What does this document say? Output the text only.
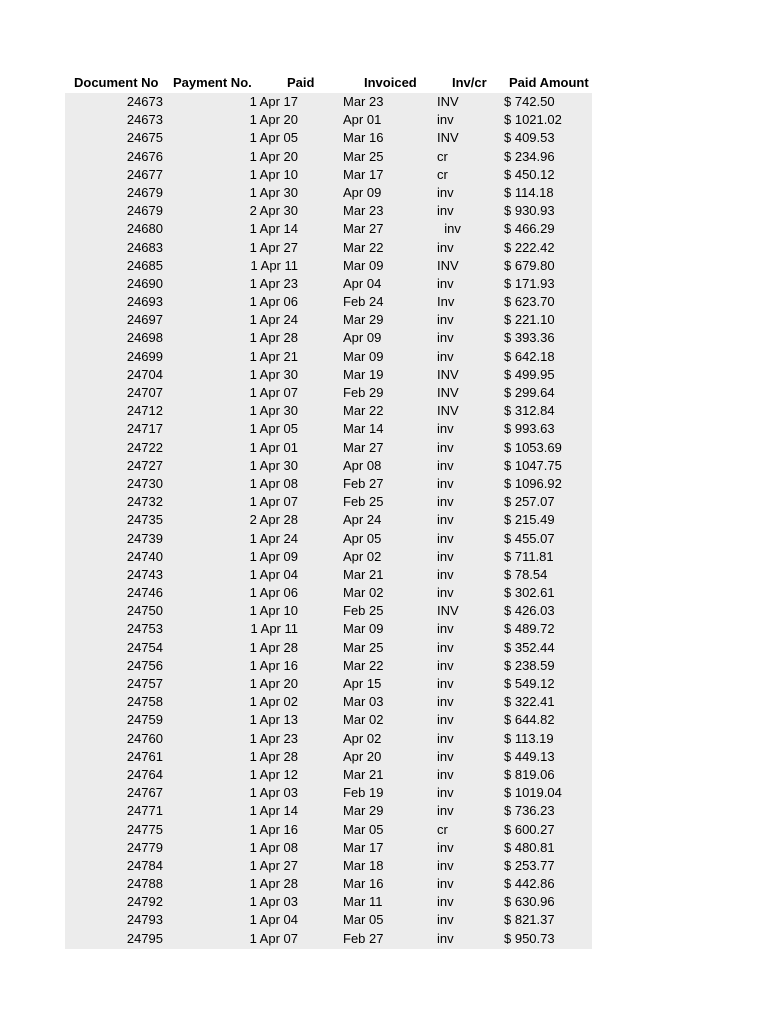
Document No Payment No.	Paid	Invoiced	Inv/cr Paid Amount
24673	1 Apr 17	Mar 23	INV	$ 742.50
24673	1 Apr 20	Apr 01	inv	$ 1021.02
24675	1 Apr 05	Mar 16	INV	$ 409.53
24676	1 Apr 20	Mar 25	cr	$ 234.96
24677	1 Apr 10	Mar 17	cr	$ 450.12
24679	1 Apr 30	Apr 09	inv	$ 114.18
24679	2 Apr 30	Mar 23	inv	$ 930.93
24680	1 Apr 14	Mar 27	inv	$ 466.29
24683	1 Apr 27	Mar 22	inv	$ 222.42
24685	1 Apr 11	Mar 09	INV	$ 679.80
24690	1 Apr 23	Apr 04	inv	$ 171.93
24693	1 Apr 06	Feb 24	Inv	$ 623.70
24697	1 Apr 24	Mar 29	inv	$ 221.10
24698	1 Apr 28	Apr 09	inv	$ 393.36
24699	1 Apr 21	Mar 09	inv	$ 642.18
24704	1 Apr 30	Mar 19	INV	$ 499.95
24707	1 Apr 07	Feb 29	INV	$ 299.64
24712	1 Apr 30	Mar 22	INV	$ 312.84
24717	1 Apr 05	Mar 14	inv	$ 993.63
24722	1 Apr 01	Mar 27	inv	$ 1053.69
24727	1 Apr 30	Apr 08	inv	$ 1047.75
24730	1 Apr 08	Feb 27	inv	$ 1096.92
24732	1 Apr 07	Feb 25	inv	$ 257.07
24735	2 Apr 28	Apr 24	inv	$ 215.49
24739	1 Apr 24	Apr 05	inv	$ 455.07
24740	1 Apr 09	Apr 02	inv	$ 711.81
24743	1 Apr 04	Mar 21	inv	$ 78.54
24746	1 Apr 06	Mar 02	inv	$ 302.61
24750	1 Apr 10	Feb 25	INV	$ 426.03
24753	1 Apr 11	Mar 09	inv	$ 489.72
24754	1 Apr 28	Mar 25	inv	$ 352.44
24756	1 Apr 16	Mar 22	inv	$ 238.59
24757	1 Apr 20	Apr 15	inv	$ 549.12
24758	1 Apr 02	Mar 03	inv	$ 322.41
24759	1 Apr 13	Mar 02	inv	$ 644.82
24760	1 Apr 23	Apr 02	inv	$ 113.19
24761	1 Apr 28	Apr 20	inv	$ 449.13
24764	1 Apr 12	Mar 21	inv	$ 819.06
24767	1 Apr 03	Feb 19	inv	$ 1019.04
24771	1 Apr 14	Mar 29	inv	$ 736.23
24775	1 Apr 16	Mar 05	cr	$ 600.27
24779	1 Apr 08	Mar 17	inv	$ 480.81
24784	1 Apr 27	Mar 18	inv	$ 253.77
24788	1 Apr 28	Mar 16	inv	$ 442.86
24792	1 Apr 03	Mar 11	inv	$ 630.96
24793	1 Apr 04	Mar 05	inv	$ 821.37
24795	1 Apr 07	Feb 27	inv	$ 950.73
